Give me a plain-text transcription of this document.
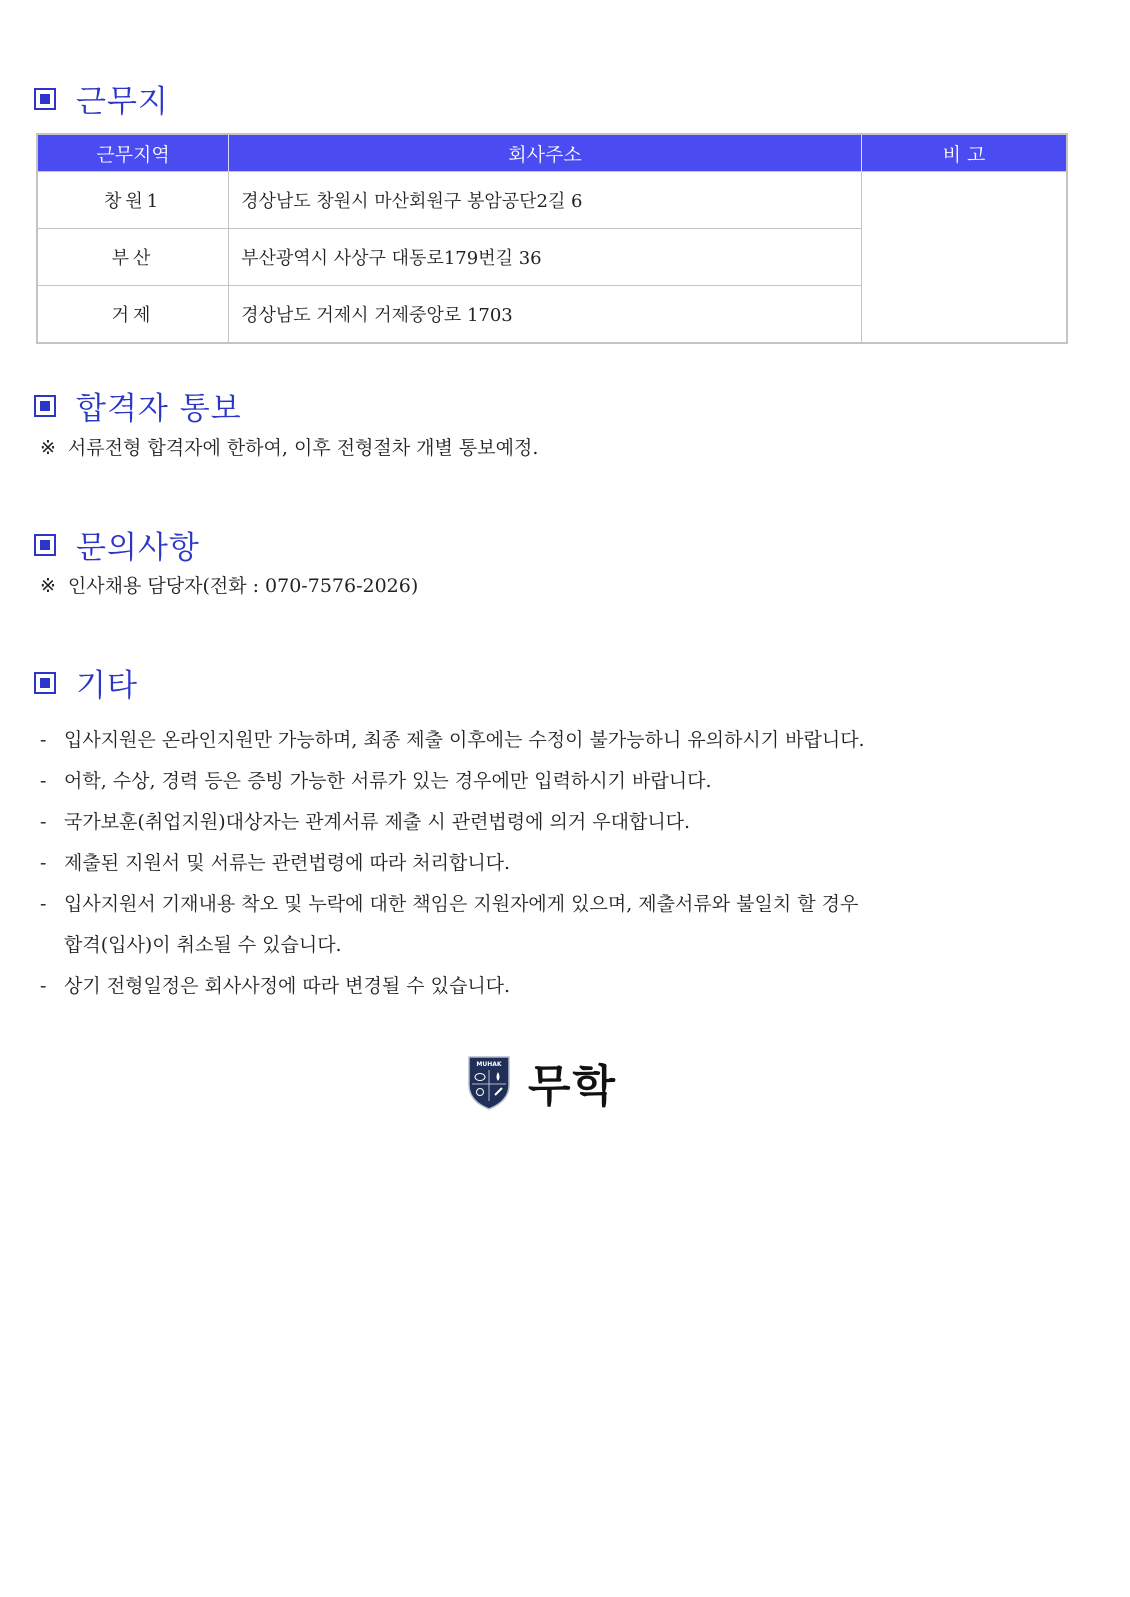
근무지
근무지역	회사주소	비 고
창원1	경상남도 창원시 마산회원구 봉암공단2길 6	
부산	부산광역시 사상구 대동로179번길 36	
거제	경상남도 거제시 거제중앙로 1703	
합격자 통보
※ 서류전형 합격자에 한하여, 이후 전형절차 개별 통보예정.
문의사항
※ 인사채용 담당자(전화 : 070-7576-2026)
기타
- 입사지원은 온라인지원만 가능하며, 최종 제출 이후에는 수정이 불가능하니 유의하시기 바랍니다.
- 어학, 수상, 경력 등은 증빙 가능한 서류가 있는 경우에만 입력하시기 바랍니다.
- 국가보훈(취업지원)대상자는 관계서류 제출 시 관련법령에 의거 우대합니다.
- 제출된 지원서 및 서류는 관련법령에 따라 처리합니다.
- 입사지원서 기재내용 착오 및 누락에 대한 책임은 지원자에게 있으며, 제출서류와 불일치 할 경우
합격(입사)이 취소될 수 있습니다.
- 상기 전형일정은 회사사정에 따라 변경될 수 있습니다.
MUHAK 무학
